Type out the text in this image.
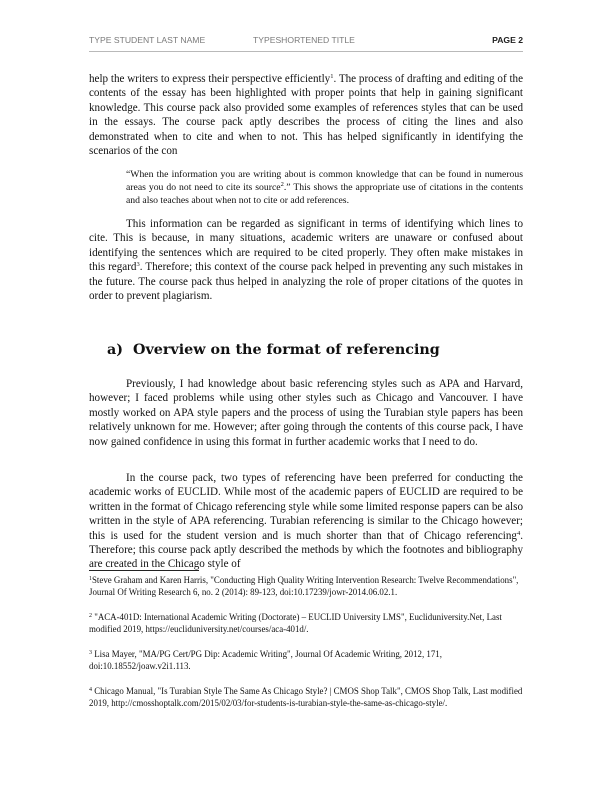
TYPE STUDENT LAST NAME	TYPESHORTENED TITLE	PAGE 2

help the writers to express their perspective efficiently$^1$. The process of drafting and editing of the contents of the essay has been highlighted with proper points that help in gaining significant knowledge. This course pack also provided some examples of references styles that can be used in the essays. The course pack aptly describes the process of citing the lines and also demonstrated when to cite and when to not. This has helped significantly in identifying the scenarios of the con

“When the information you are writing about is common knowledge that can be found in numerous areas you do not need to cite its source$^2$.” This shows the appropriate use of citations in the contents and also teaches about when not to cite or add references.

This information can be regarded as significant in terms of identifying which lines to cite. This is because, in many situations, academic writers are unaware or confused about identifying the sentences which are required to be cited properly. They often make mistakes in this regard$^3$. Therefore; this context of the course pack helped in preventing any such mistakes in the future. The course pack thus helped in analyzing the role of proper citations of the quotes in order to prevent plagiarism.

a) Overview on the format of referencing

Previously, I had knowledge about basic referencing styles such as APA and Harvard, however; I faced problems while using other styles such as Chicago and Vancouver. I have mostly worked on APA style papers and the process of using the Turabian style papers has been relatively unknown for me. However; after going through the contents of this course pack, I have now gained confidence in using this format in further academic works that I need to do.

In the course pack, two types of referencing have been preferred for conducting the academic works of EUCLID. While most of the academic papers of EUCLID are required to be written in the format of Chicago referencing style while some limited response papers can be also written in the style of APA referencing. Turabian referencing is similar to the Chicago however; this is used for the student version and is much shorter than that of Chicago referencing$^4$. Therefore; this course pack aptly described the methods by which the footnotes and bibliography are created in the Chicago style of

$^1$Steve Graham and Karen Harris, "Conducting High Quality Writing Intervention Research: Twelve Recommendations", Journal Of Writing Research 6, no. 2 (2014): 89-123, doi:10.17239/jowr-2014.06.02.1.

$^2$ "ACA-401D: International Academic Writing (Doctorate) – EUCLID University LMS", Eucliduniversity.Net, Last modified 2019, https://eucliduniversity.net/courses/aca-401d/.

$^3$ Lisa Mayer, "MA/PG Cert/PG Dip: Academic Writing", Journal Of Academic Writing, 2012, 171, doi:10.18552/joaw.v2i1.113.

$^4$ Chicago Manual, "Is Turabian Style The Same As Chicago Style? | CMOS Shop Talk", CMOS Shop Talk, Last modified 2019, http://cmosshoptalk.com/2015/02/03/for-students-is-turabian-style-the-same-as-chicago-style/.
